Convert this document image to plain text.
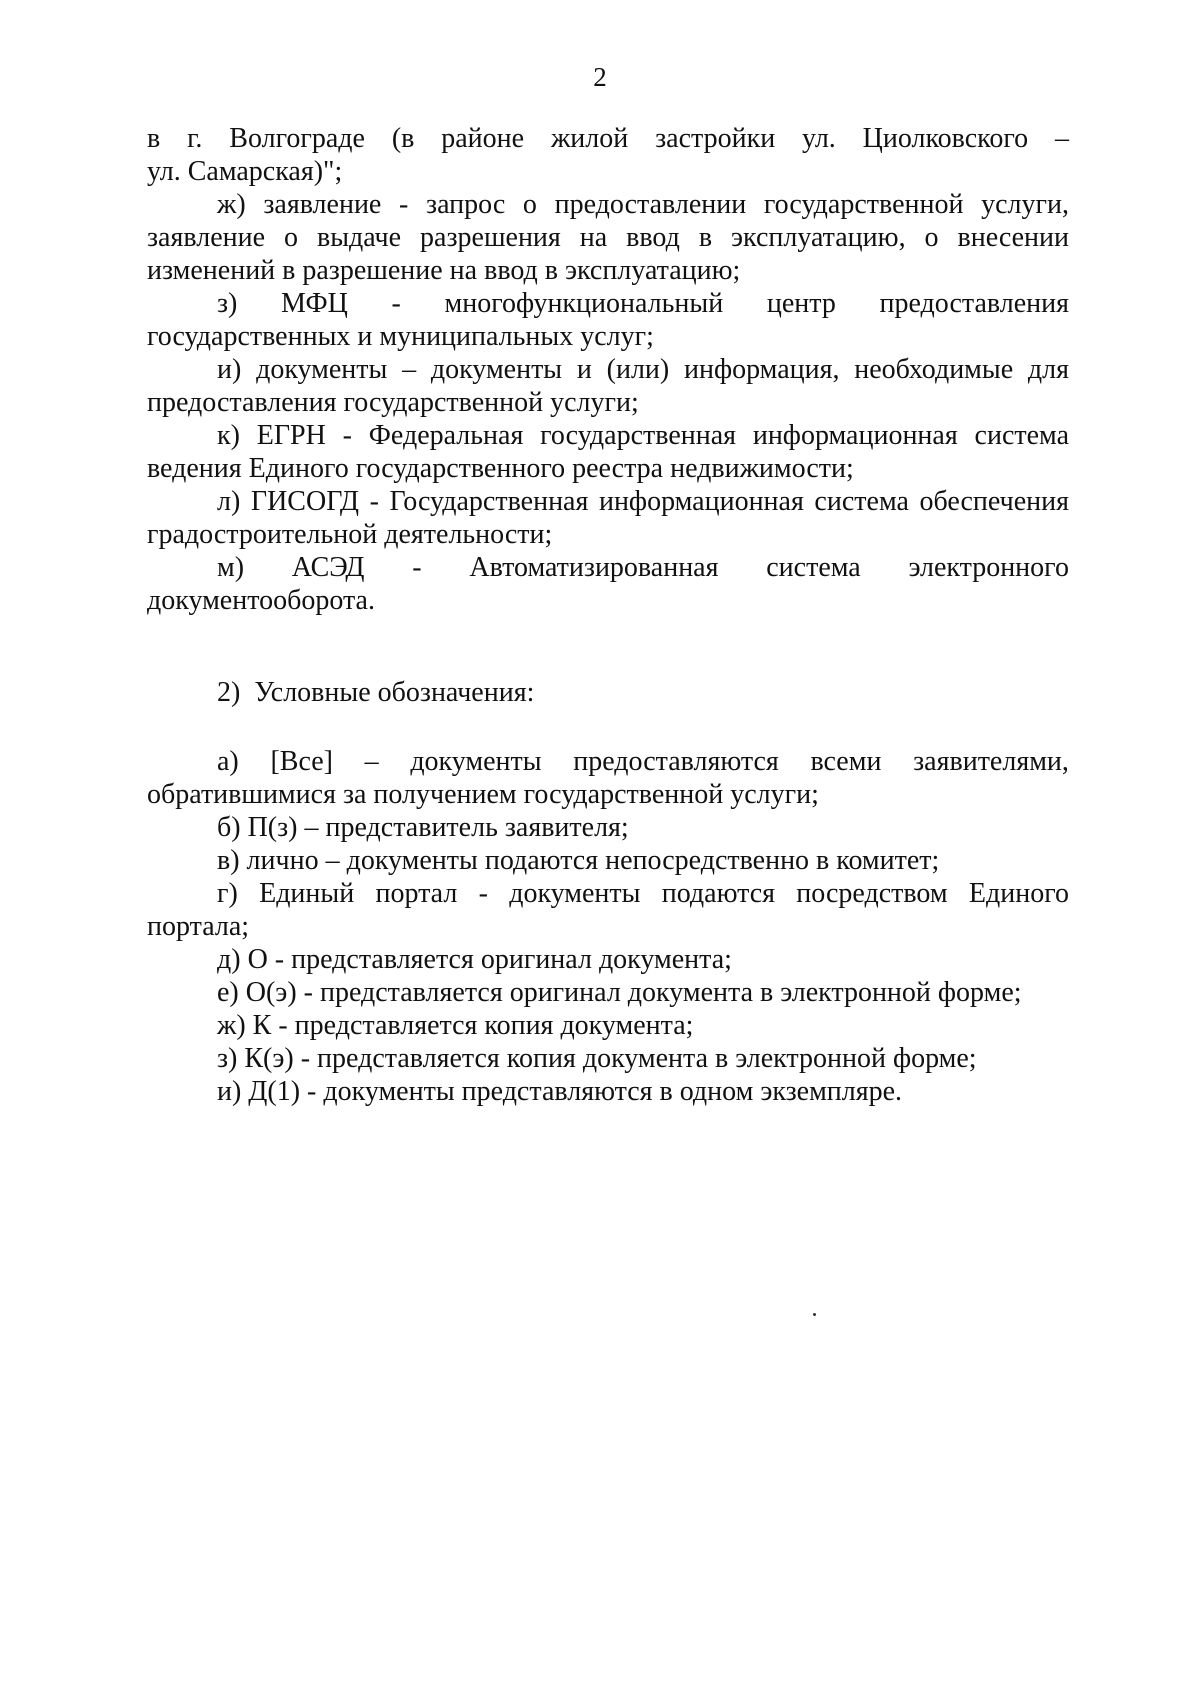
2
в г. Волгограде (в районе жилой застройки ул. Циолковского –
ул. Самарская)";
ж) заявление - запрос о предоставлении государственной услуги,
заявление о выдаче разрешения на ввод в эксплуатацию, о внесении
изменений в разрешение на ввод в эксплуатацию;
з) МФЦ - многофункциональный центр предоставления
государственных и муниципальных услуг;
и) документы – документы и (или) информация, необходимые для
предоставления государственной услуги;
к) ЕГРН - Федеральная государственная информационная система
ведения Единого государственного реестра недвижимости;
л) ГИСОГД - Государственная информационная система обеспечения
градостроительной деятельности;
м) АСЭД - Автоматизированная система электронного
документооборота.
2)  Условные обозначения:
а) [Все] – документы предоставляются всеми заявителями,
обратившимися за получением государственной услуги;
б) П(з) – представитель заявителя;
в) лично – документы подаются непосредственно в комитет;
г) Единый портал - документы подаются посредством Единого
портала;
д) О - представляется оригинал документа;
е) О(э) - представляется оригинал документа в электронной форме;
ж) К - представляется копия документа;
з) К(э) - представляется копия документа в электронной форме;
и) Д(1) - документы представляются в одном экземпляре.
